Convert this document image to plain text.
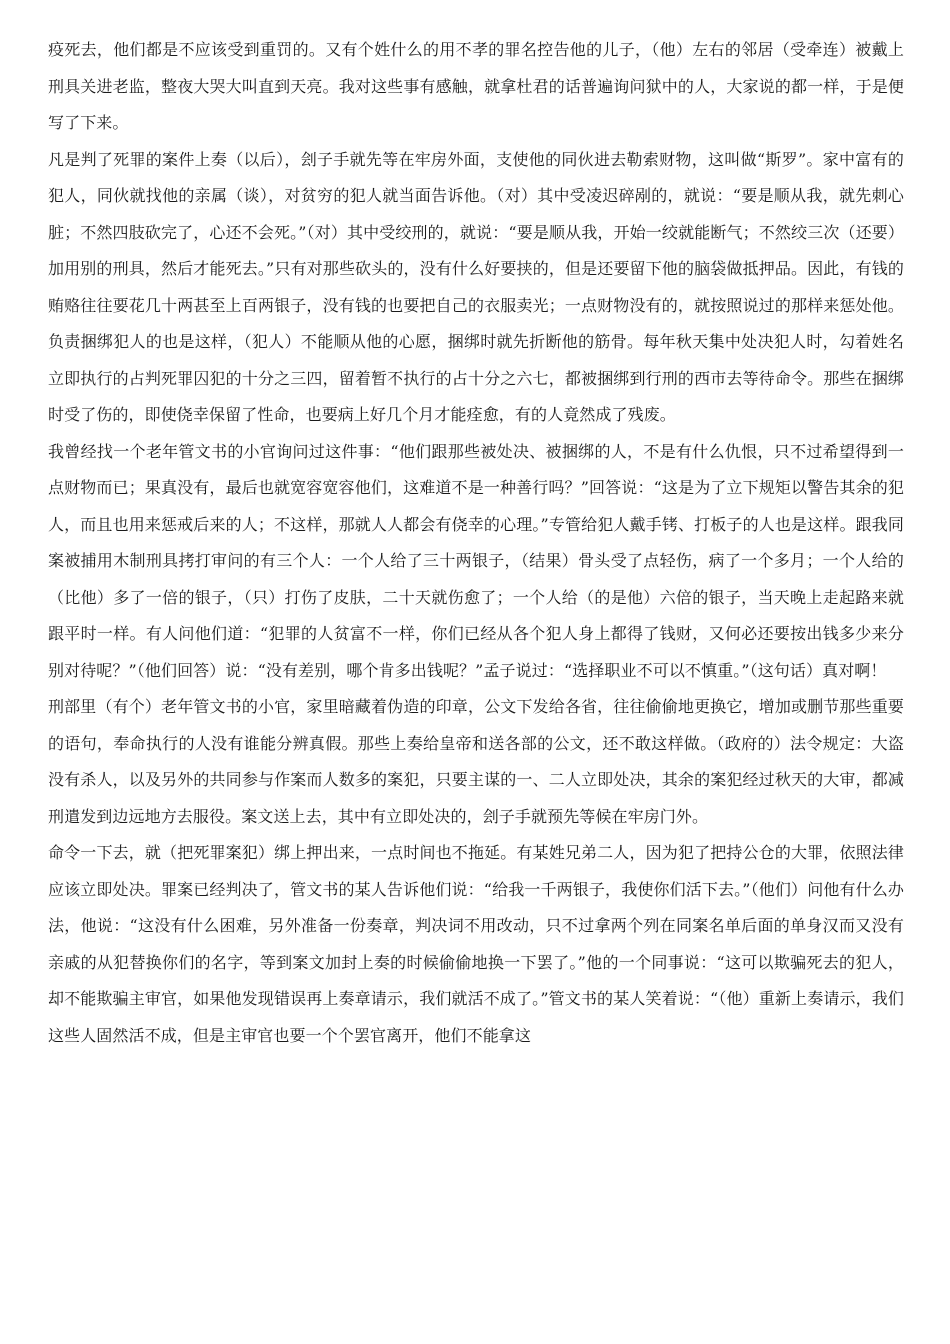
疫死去，他们都是不应该受到重罚的。又有个姓什么的用不孝的罪名控告他的儿子，（他）左右的邻居（受牵连）被戴上刑具关进老监，整夜大哭大叫直到天亮。我对这些事有感触，就拿杜君的话普遍询问狱中的人，大家说的都一样，于是便写了下来。

凡是判了死罪的案件上奏（以后），刽子手就先等在牢房外面，支使他的同伙进去勒索财物，这叫做“斯罗”。家中富有的犯人，同伙就找他的亲属（谈），对贫穷的犯人就当面告诉他。（对）其中受凌迟碎剐的，就说：“要是顺从我，就先刺心脏；不然四肢砍完了，心还不会死。”（对）其中受绞刑的，就说：“要是顺从我，开始一绞就能断气；不然绞三次（还要）加用别的刑具，然后才能死去。”只有对那些砍头的，没有什么好要挟的，但是还要留下他的脑袋做抵押品。因此，有钱的贿赂往往要花几十两甚至上百两银子，没有钱的也要把自己的衣服卖光；一点财物没有的，就按照说过的那样来惩处他。负责捆绑犯人的也是这样，（犯人）不能顺从他的心愿，捆绑时就先折断他的筋骨。每年秋天集中处决犯人时，勾着姓名立即执行的占判死罪囚犯的十分之三四，留着暂不执行的占十分之六七，都被捆绑到行刑的西市去等待命令。那些在捆绑时受了伤的，即使侥幸保留了性命，也要病上好几个月才能痊愈，有的人竟然成了残废。

我曾经找一个老年管文书的小官询问过这件事：“他们跟那些被处决、被捆绑的人，不是有什么仇恨，只不过希望得到一点财物而已；果真没有，最后也就宽容宽容他们，这难道不是一种善行吗？”回答说：“这是为了立下规矩以警告其余的犯人，而且也用来惩戒后来的人；不这样，那就人人都会有侥幸的心理。”专管给犯人戴手铐、打板子的人也是这样。跟我同案被捕用木制刑具拷打审问的有三个人：一个人给了三十两银子，（结果）骨头受了点轻伤，病了一个多月；一个人给的（比他）多了一倍的银子，（只）打伤了皮肤，二十天就伤愈了；一个人给（的是他）六倍的银子，当天晚上走起路来就跟平时一样。有人问他们道：“犯罪的人贫富不一样，你们已经从各个犯人身上都得了钱财，又何必还要按出钱多少来分别对待呢？”（他们回答）说：“没有差别，哪个肯多出钱呢？”孟子说过：“选择职业不可以不慎重。”（这句话）真对啊！

刑部里（有个）老年管文书的小官，家里暗藏着伪造的印章，公文下发给各省，往往偷偷地更换它，增加或删节那些重要的语句，奉命执行的人没有谁能分辨真假。那些上奏给皇帝和送各部的公文，还不敢这样做。（政府的）法令规定：大盗没有杀人，以及另外的共同参与作案而人数多的案犯，只要主谋的一、二人立即处决，其余的案犯经过秋天的大审，都减刑遣发到边远地方去服役。案文送上去，其中有立即处决的，刽子手就预先等候在牢房门外。

命令一下去，就（把死罪案犯）绑上押出来，一点时间也不拖延。有某姓兄弟二人，因为犯了把持公仓的大罪，依照法律应该立即处决。罪案已经判决了，管文书的某人告诉他们说：“给我一千两银子，我使你们活下去。”（他们）问他有什么办法，他说：“这没有什么困难，另外准备一份奏章，判决词不用改动，只不过拿两个列在同案名单后面的单身汉而又没有亲戚的从犯替换你们的名字，等到案文加封上奏的时候偷偷地换一下罢了。”他的一个同事说：“这可以欺骗死去的犯人，却不能欺骗主审官，如果他发现错误再上奏章请示，我们就活不成了。”管文书的某人笑着说：“（他）重新上奏请示，我们这些人固然活不成，但是主审官也要一个个罢官离开，他们不能拿这
